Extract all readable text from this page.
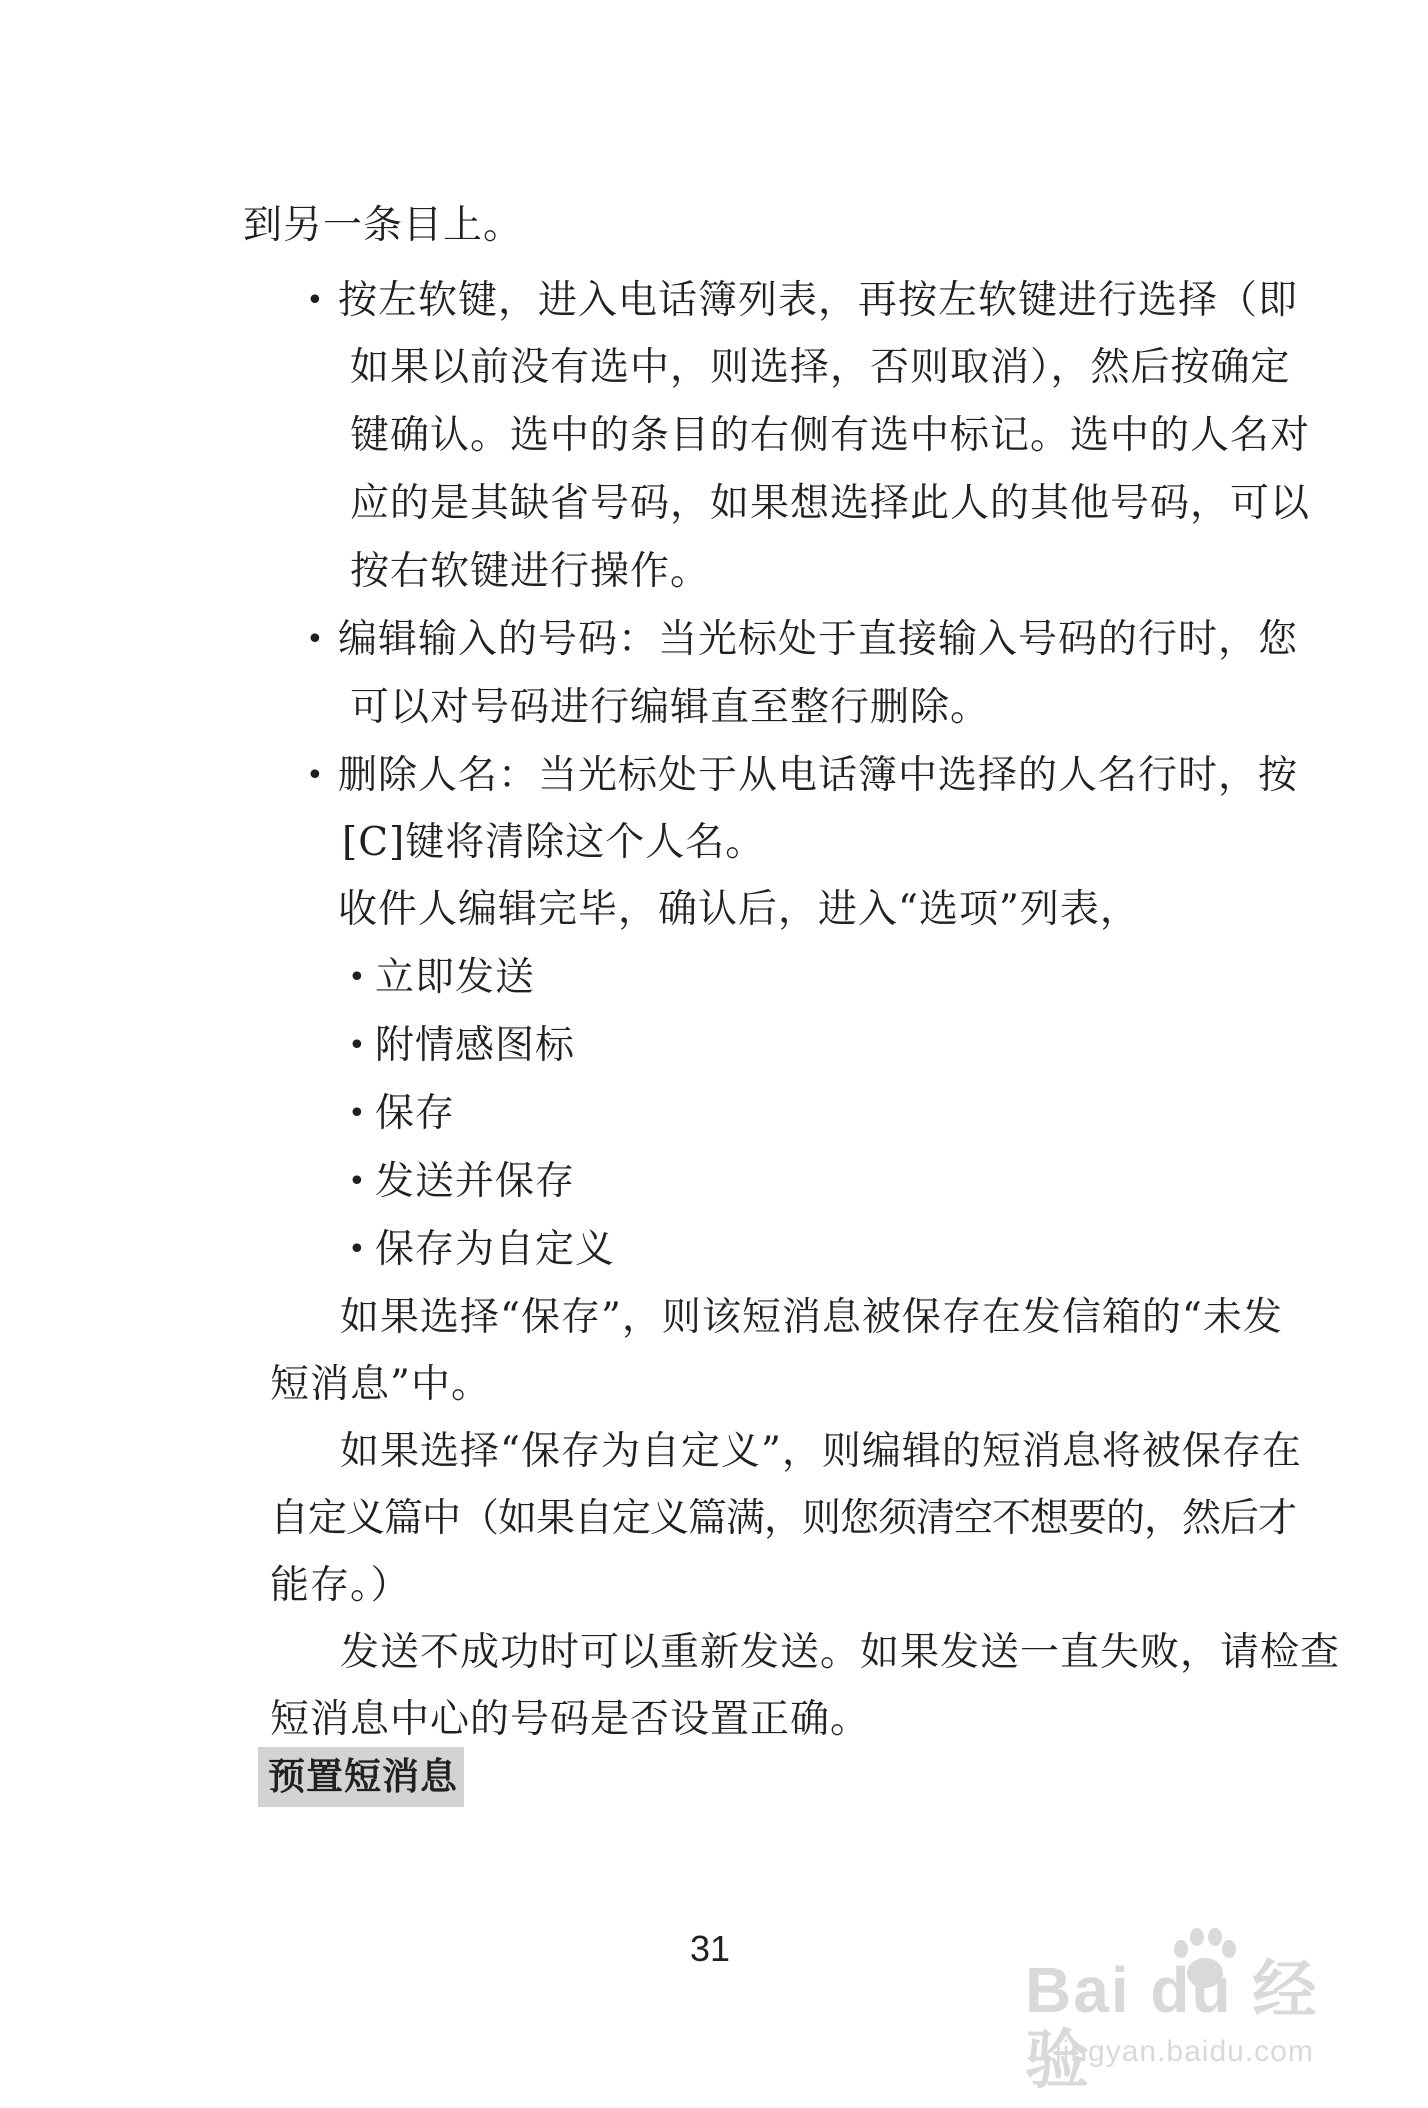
到另一条目上。
• 按左软键，进入电话簿列表，再按左软键进行选择（即
如果以前没有选中，则选择，否则取消），然后按确定
键确认。选中的条目的右侧有选中标记。选中的人名对
应的是其缺省号码，如果想选择此人的其他号码，可以
按右软键进行操作。
• 编辑输入的号码：当光标处于直接输入号码的行时，您
可以对号码进行编辑直至整行删除。
• 删除人名：当光标处于从电话簿中选择的人名行时，按
[C]键将清除这个人名。
收件人编辑完毕，确认后，进入“选项”列表，
• 立即发送
• 附情感图标
• 保存
• 发送并保存
• 保存为自定义
如果选择“保存”，则该短消息被保存在发信箱的“未发
短消息”中。
如果选择“保存为自定义”，则编辑的短消息将被保存在
自定义篇中（如果自定义篇满，则您须清空不想要的，然后才
能存。）
发送不成功时可以重新发送。如果发送一直失败，请检查
短消息中心的号码是否设置正确。
预置短消息
31
Bai du 经验
jingyan.baidu.com
